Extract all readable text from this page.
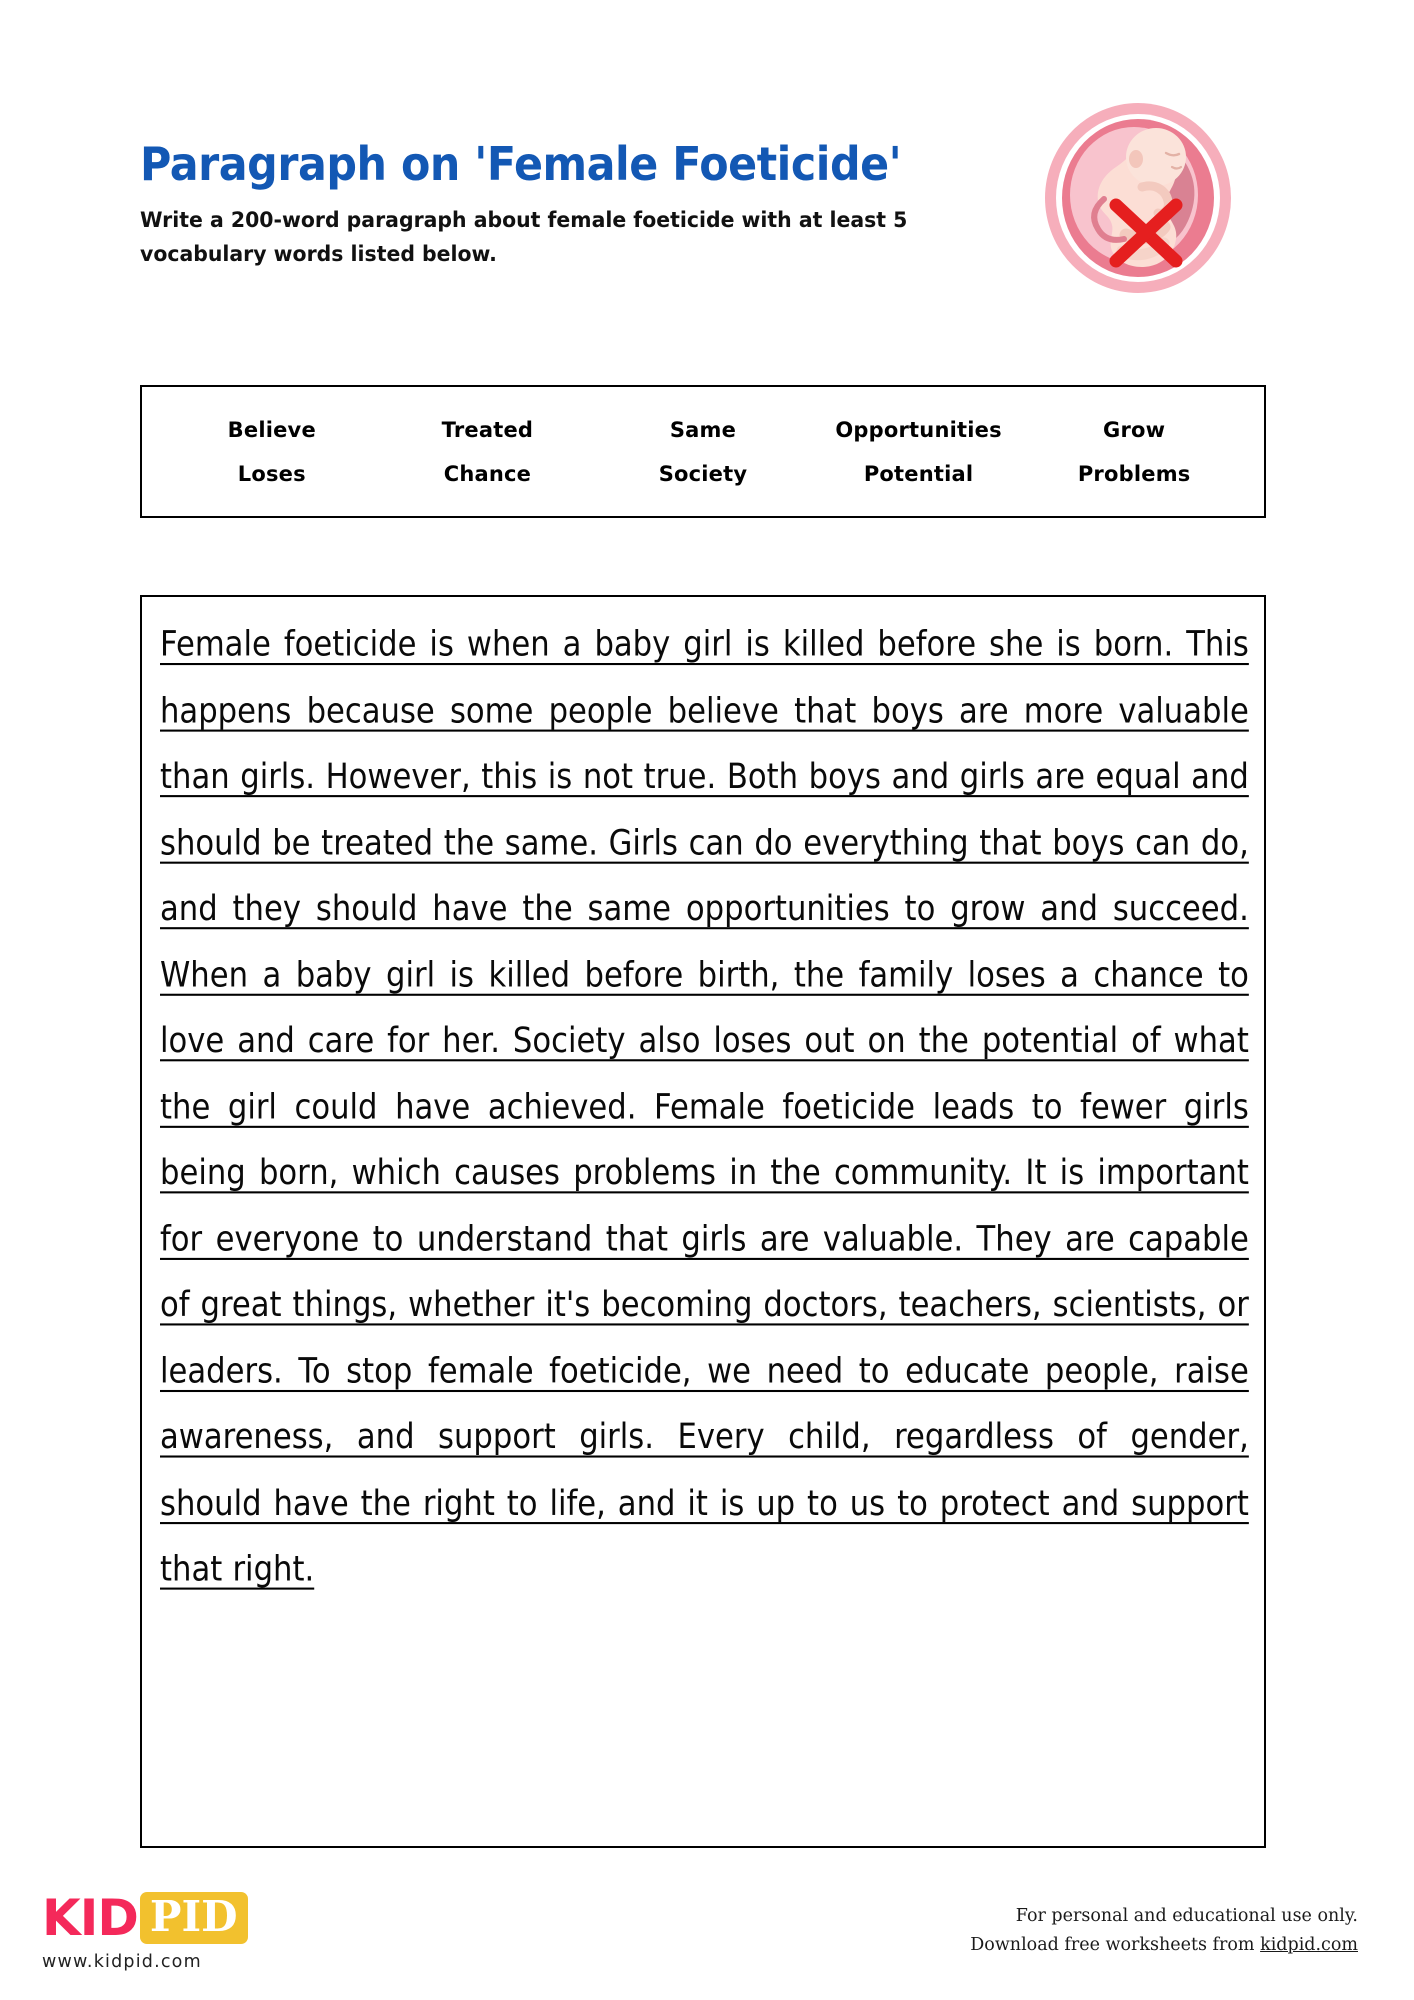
Paragraph on 'Female Foeticide'
Write a 200-word paragraph about female foeticide with at least 5 vocabulary words listed below.
Believe	Treated	Same	Opportunities	Grow
Loses	Chance	Society	Potential	Problems
Female foeticide is when a baby girl is killed before she is born. This happens because some people believe that boys are more valuable than girls. However, this is not true. Both boys and girls are equal and should be treated the same. Girls can do everything that boys can do, and they should have the same opportunities to grow and succeed. When a baby girl is killed before birth, the family loses a chance to love and care for her. Society also loses out on the potential of what the girl could have achieved. Female foeticide leads to fewer girls being born, which causes problems in the community. It is important for everyone to understand that girls are valuable. They are capable of great things, whether it's becoming doctors, teachers, scientists, or leaders. To stop female foeticide, we need to educate people, raise awareness, and support girls. Every child, regardless of gender, should have the right to life, and it is up to us to protect and support that right.
KID PID
www.kidpid.com
For personal and educational use only.
Download free worksheets from kidpid.com
